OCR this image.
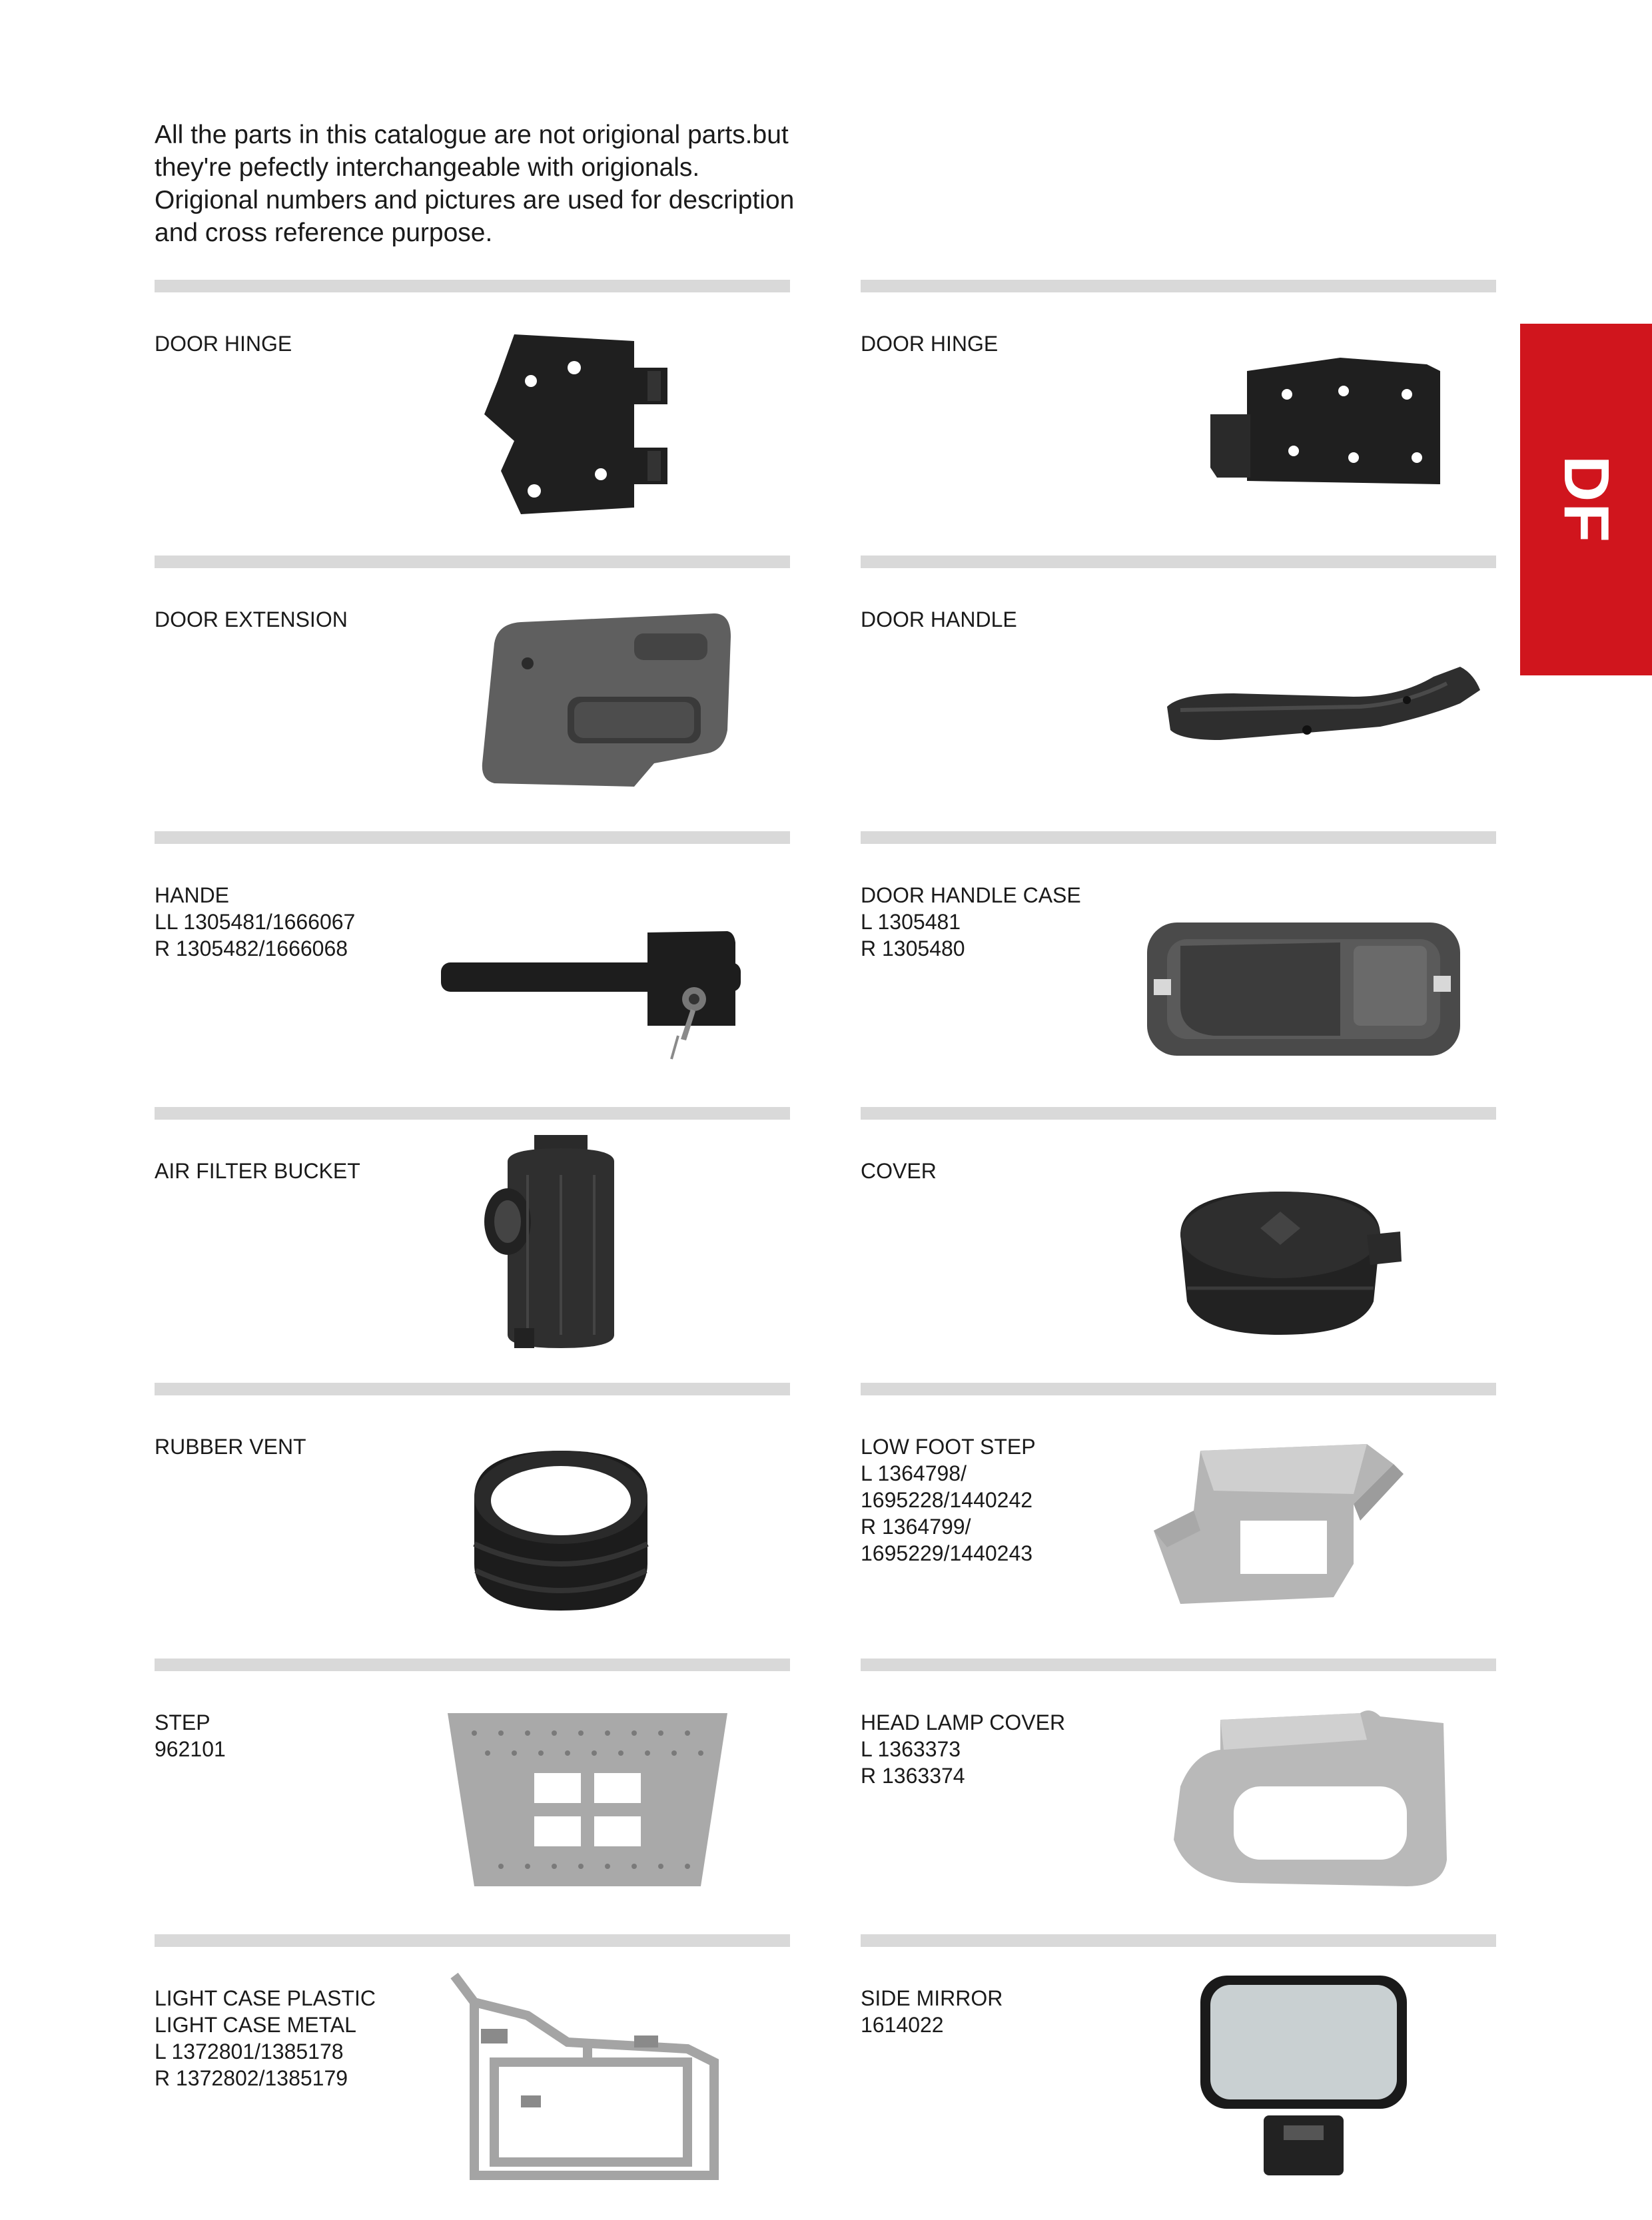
All the parts in this catalogue are not origional parts.but

they're pefectly interchangeable with origionals.

Origional numbers and pictures are used for description

and cross reference purpose.

DF
DOOR HINGE	DOOR HINGE
DOOR EXTENSION	DOOR HANDLE
HANDE
LL 1305481/1666067
R 1305482/1666068
DOOR HANDLE CASE
L 1305481
R 1305480
AIR FILTER BUCKET	COVER
RUBBER VENT	LOW FOOT STEP
L 1364798/
1695228/1440242
R 1364799/
1695229/1440243
STEP
962101
HEAD LAMP COVER
L 1363373
R 1363374
LIGHT CASE PLASTIC
LIGHT CASE METAL
L 1372801/1385178
R 1372802/1385179
SIDE MIRROR
1614022
